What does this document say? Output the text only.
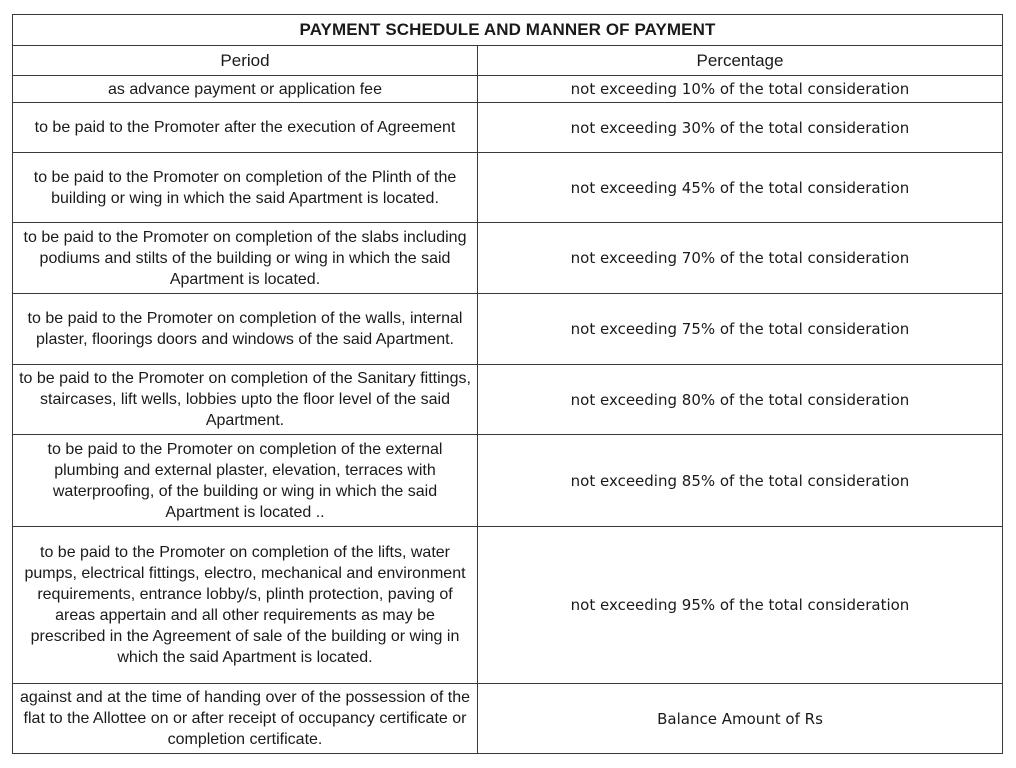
PAYMENT SCHEDULE AND MANNER OF PAYMENT	
Period	Percentage
as advance payment or application fee	not exceeding 10% of the total consideration
to be paid to the Promoter after the execution of Agreement	not exceeding 30% of the total consideration
to be paid to the Promoter on completion of the Plinth of the building or wing in which the said Apartment is located.	not exceeding 45% of the total consideration
to be paid to the Promoter on completion of the slabs including podiums and stilts of the building or wing in which the said Apartment is located.	not exceeding 70% of the total consideration
to be paid to the Promoter on completion of the walls, internal plaster, floorings doors and windows of the said Apartment.	not exceeding 75% of the total consideration
to be paid to the Promoter on completion of the Sanitary fittings, staircases, lift wells, lobbies upto the floor level of the said Apartment.	not exceeding 80% of the total consideration
to be paid to the Promoter on completion of the external plumbing and external plaster, elevation, terraces with waterproofing, of the building or wing in which the said Apartment is located ..	not exceeding 85% of the total consideration
to be paid to the Promoter on completion of the lifts, water pumps, electrical fittings, electro, mechanical and environment requirements, entrance lobby/s, plinth protection, paving of areas appertain and all other requirements as may be prescribed in the Agreement of sale of the building or wing in which the said Apartment is located.	not exceeding 95% of the total consideration
against and at the time of handing over of the possession of the flat to the Allottee on or after receipt of occupancy certificate or completion certificate.	Balance Amount of Rs
